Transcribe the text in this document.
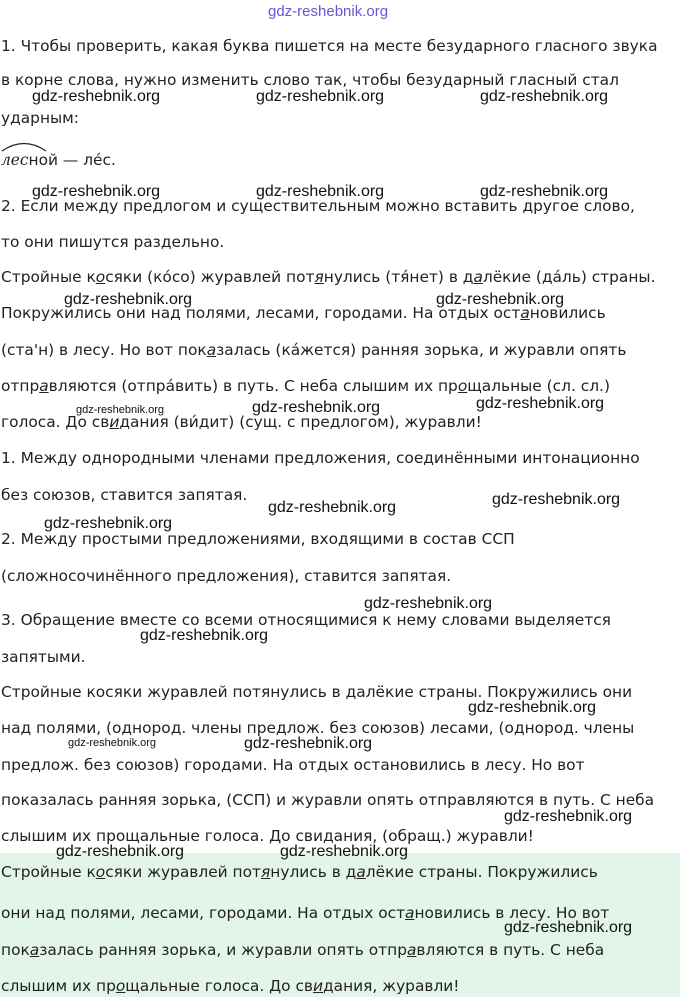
gdz-reshebnik.org
1. Чтобы проверить, какая буква пишется на месте безударного гласного звука
в корне слова, нужно изменить слово так, чтобы безударный гласный стал
ударным:
лесной — ле́с.
2. Если между предлогом и существительным можно вставить другое слово,
то они пишутся раздельно.
Стройные косяки (ко́со) журавлей потянулись (тя́нет) в далёкие (да́ль) страны.
Покружились они над полями, лесами, городами. На отдых остановились
(ста'н) в лесу. Но вот показалась (ка́жется) ранняя зорька, и журавли опять
отправляются (отпра́вить) в путь. С неба слышим их прощальные (сл. сл.)
голоса. До свидания (ви́дит) (сущ. с предлогом), журавли!
1. Между однородными членами предложения, соединёнными интонационно
без союзов, ставится запятая.
2. Между простыми предложениями, входящими в состав ССП
(сложносочинённого предложения), ставится запятая.
3. Обращение вместе со всеми относящимися к нему словами выделяется
запятыми.
Стройные косяки журавлей потянулись в далёкие страны. Покружились они
над полями, (однород. члены предлож. без союзов) лесами, (однород. члены
предлож. без союзов) городами. На отдых остановились в лесу. Но вот
показалась ранняя зорька, (ССП) и журавли опять отправляются в путь. С неба
слышим их прощальные голоса. До свидания, (обращ.) журавли!
Стройные косяки журавлей потянулись в далёкие страны. Покружились
они над полями, лесами, городами. На отдых остановились в лесу. Но вот
показалась ранняя зорька, и журавли опять отправляются в путь. С неба
слышим их прощальные голоса. До свидания, журавли!
gdz-reshebnik.org	gdz-reshebnik.org	gdz-reshebnik.org
gdz-reshebnik.org	gdz-reshebnik.org	gdz-reshebnik.org
gdz-reshebnik.org	gdz-reshebnik.org
gdz-reshebnik.org	gdz-reshebnik.org	gdz-reshebnik.org
gdz-reshebnik.org
gdz-reshebnik.org
gdz-reshebnik.org
gdz-reshebnik.org
gdz-reshebnik.org
gdz-reshebnik.org
gdz-reshebnik.org	gdz-reshebnik.org
gdz-reshebnik.org
gdz-reshebnik.org	gdz-reshebnik.org
gdz-reshebnik.org
